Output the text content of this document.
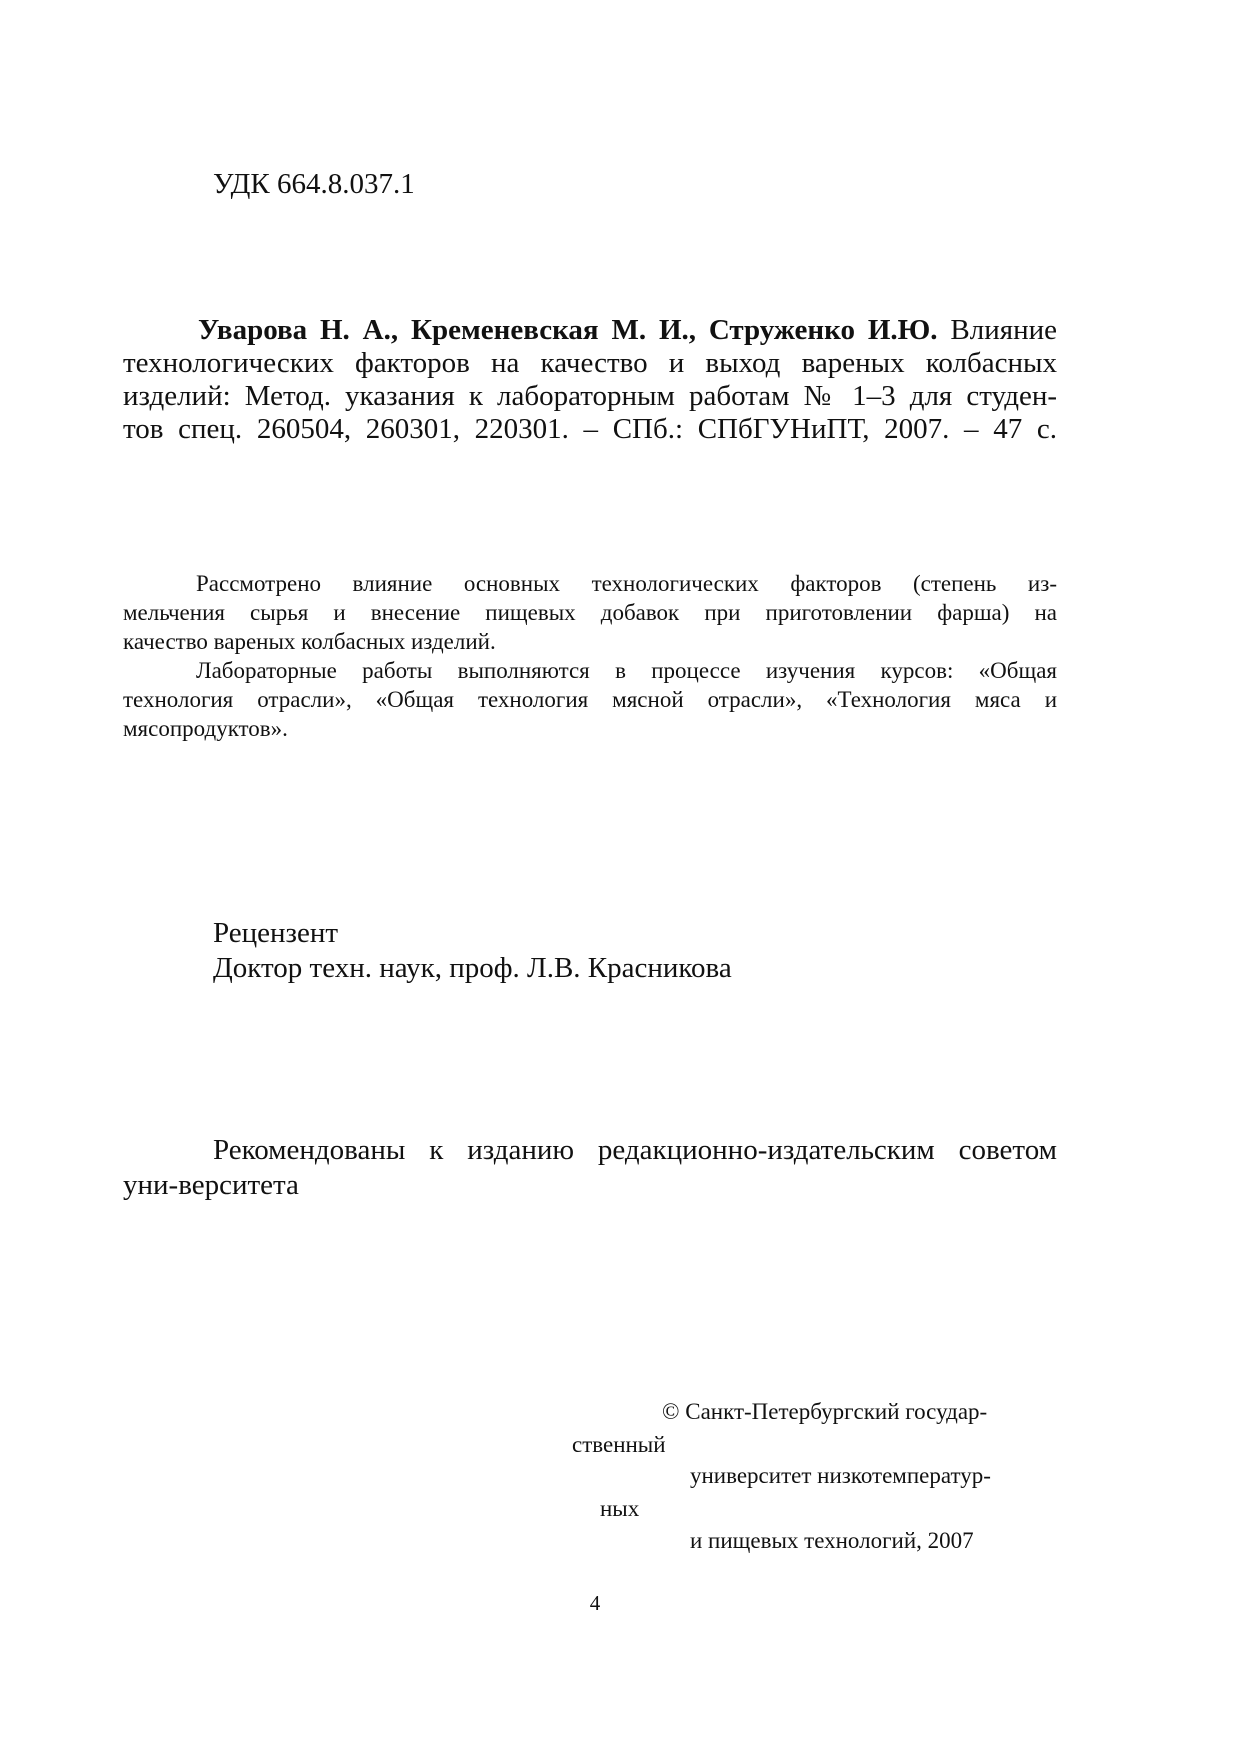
УДК 664.8.037.1
Уварова Н. А., Кременевская М. И., Струженко И.Ю. Влияние
технологических факторов на качество и выход вареных колбасных
изделий: Метод. указания к лабораторным работам № 1–3 для студен-
тов спец. 260504, 260301, 220301. – СПб.: СПбГУНиПТ, 2007. – 47 с.
Рассмотрено влияние основных технологических факторов (степень из-
мельчения сырья и внесение пищевых добавок при приготовлении фарша) на
качество вареных колбасных изделий.
Лабораторные работы выполняются в процессе изучения курсов: «Общая
технология отрасли», «Общая технология мясной отрасли», «Технология мяса и
мясопродуктов».
Рецензент
Доктор техн. наук, проф. Л.В. Красникова
Рекомендованы к изданию редакционно-издательским советом
уни-верситета
© Санкт-Петербургский государ-
ственный
университет низкотемператур-
ных
и пищевых технологий, 2007
4
